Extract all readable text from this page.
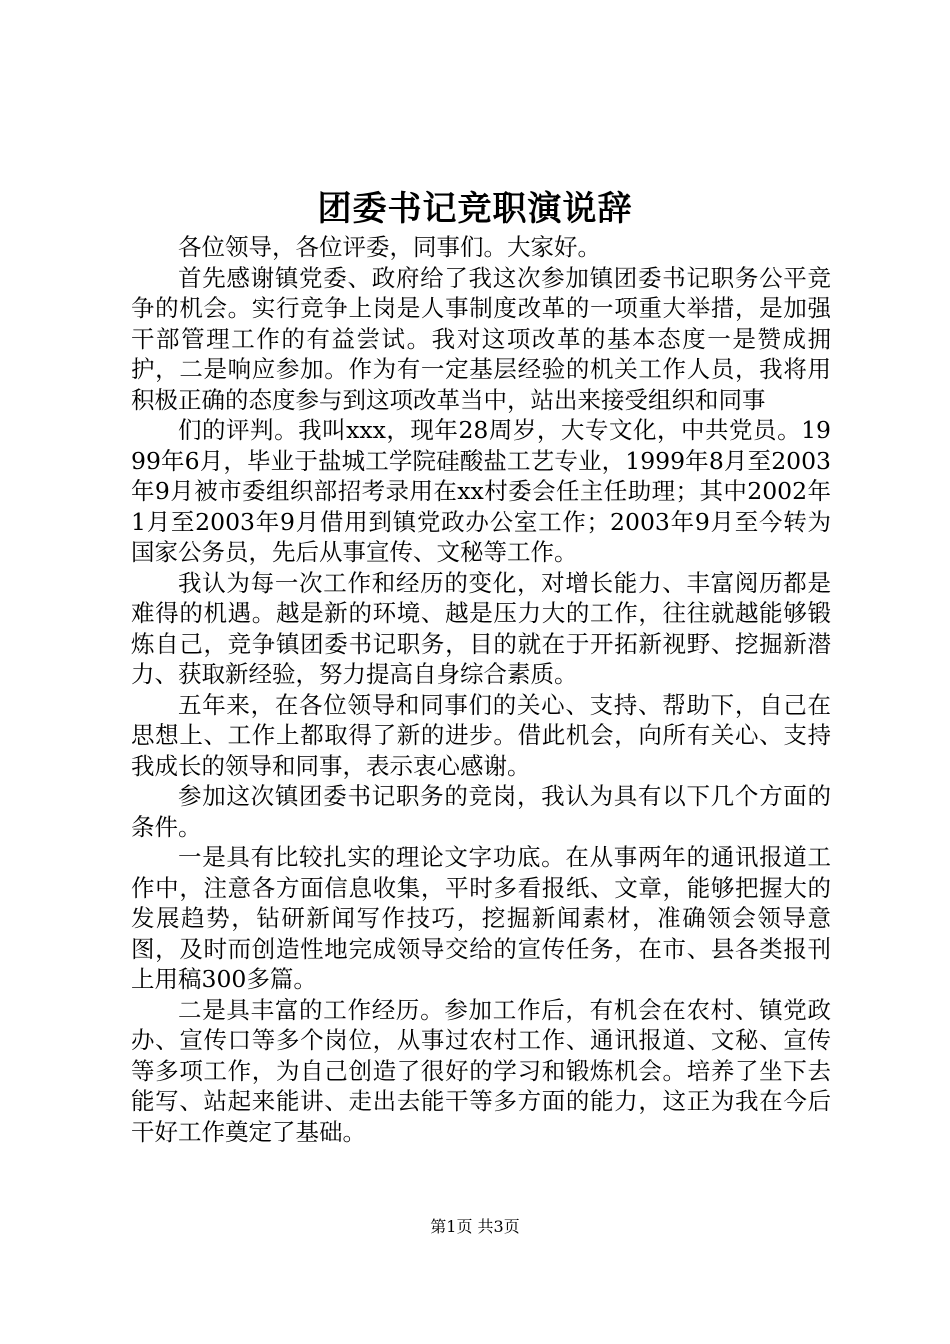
团委书记竞职演说辞

各位领导，各位评委，同事们。大家好。

首先感谢镇党委、政府给了我这次参加镇团委书记职务公平竞争的机会。实行竞争上岗是人事制度改革的一项重大举措，是加强干部管理工作的有益尝试。我对这项改革的基本态度一是赞成拥护，二是响应参加。作为有一定基层经验的机关工作人员，我将用积极正确的态度参与到这项改革当中，站出来接受组织和同事

们的评判。我叫xxx，现年28周岁，大专文化，中共党员。1999年6月，毕业于盐城工学院硅酸盐工艺专业，1999年8月至2003年9月被市委组织部招考录用在xx村委会任主任助理；其中2002年1月至2003年9月借用到镇党政办公室工作；2003年9月至今转为国家公务员，先后从事宣传、文秘等工作。

我认为每一次工作和经历的变化，对增长能力、丰富阅历都是难得的机遇。越是新的环境、越是压力大的工作，往往就越能够锻炼自己，竞争镇团委书记职务，目的就在于开拓新视野、挖掘新潜力、获取新经验，努力提高自身综合素质。

五年来，在各位领导和同事们的关心、支持、帮助下，自己在思想上、工作上都取得了新的进步。借此机会，向所有关心、支持我成长的领导和同事，表示衷心感谢。

参加这次镇团委书记职务的竞岗，我认为具有以下几个方面的条件。

一是具有比较扎实的理论文字功底。在从事两年的通讯报道工作中，注意各方面信息收集，平时多看报纸、文章，能够把握大的发展趋势，钻研新闻写作技巧，挖掘新闻素材，准确领会领导意图，及时而创造性地完成领导交给的宣传任务，在市、县各类报刊上用稿300多篇。

二是具丰富的工作经历。参加工作后，有机会在农村、镇党政办、宣传口等多个岗位，从事过农村工作、通讯报道、文秘、宣传等多项工作，为自己创造了很好的学习和锻炼机会。培养了坐下去能写、站起来能讲、走出去能干等多方面的能力，这正为我在今后干好工作奠定了基础。

第1页 共3页
